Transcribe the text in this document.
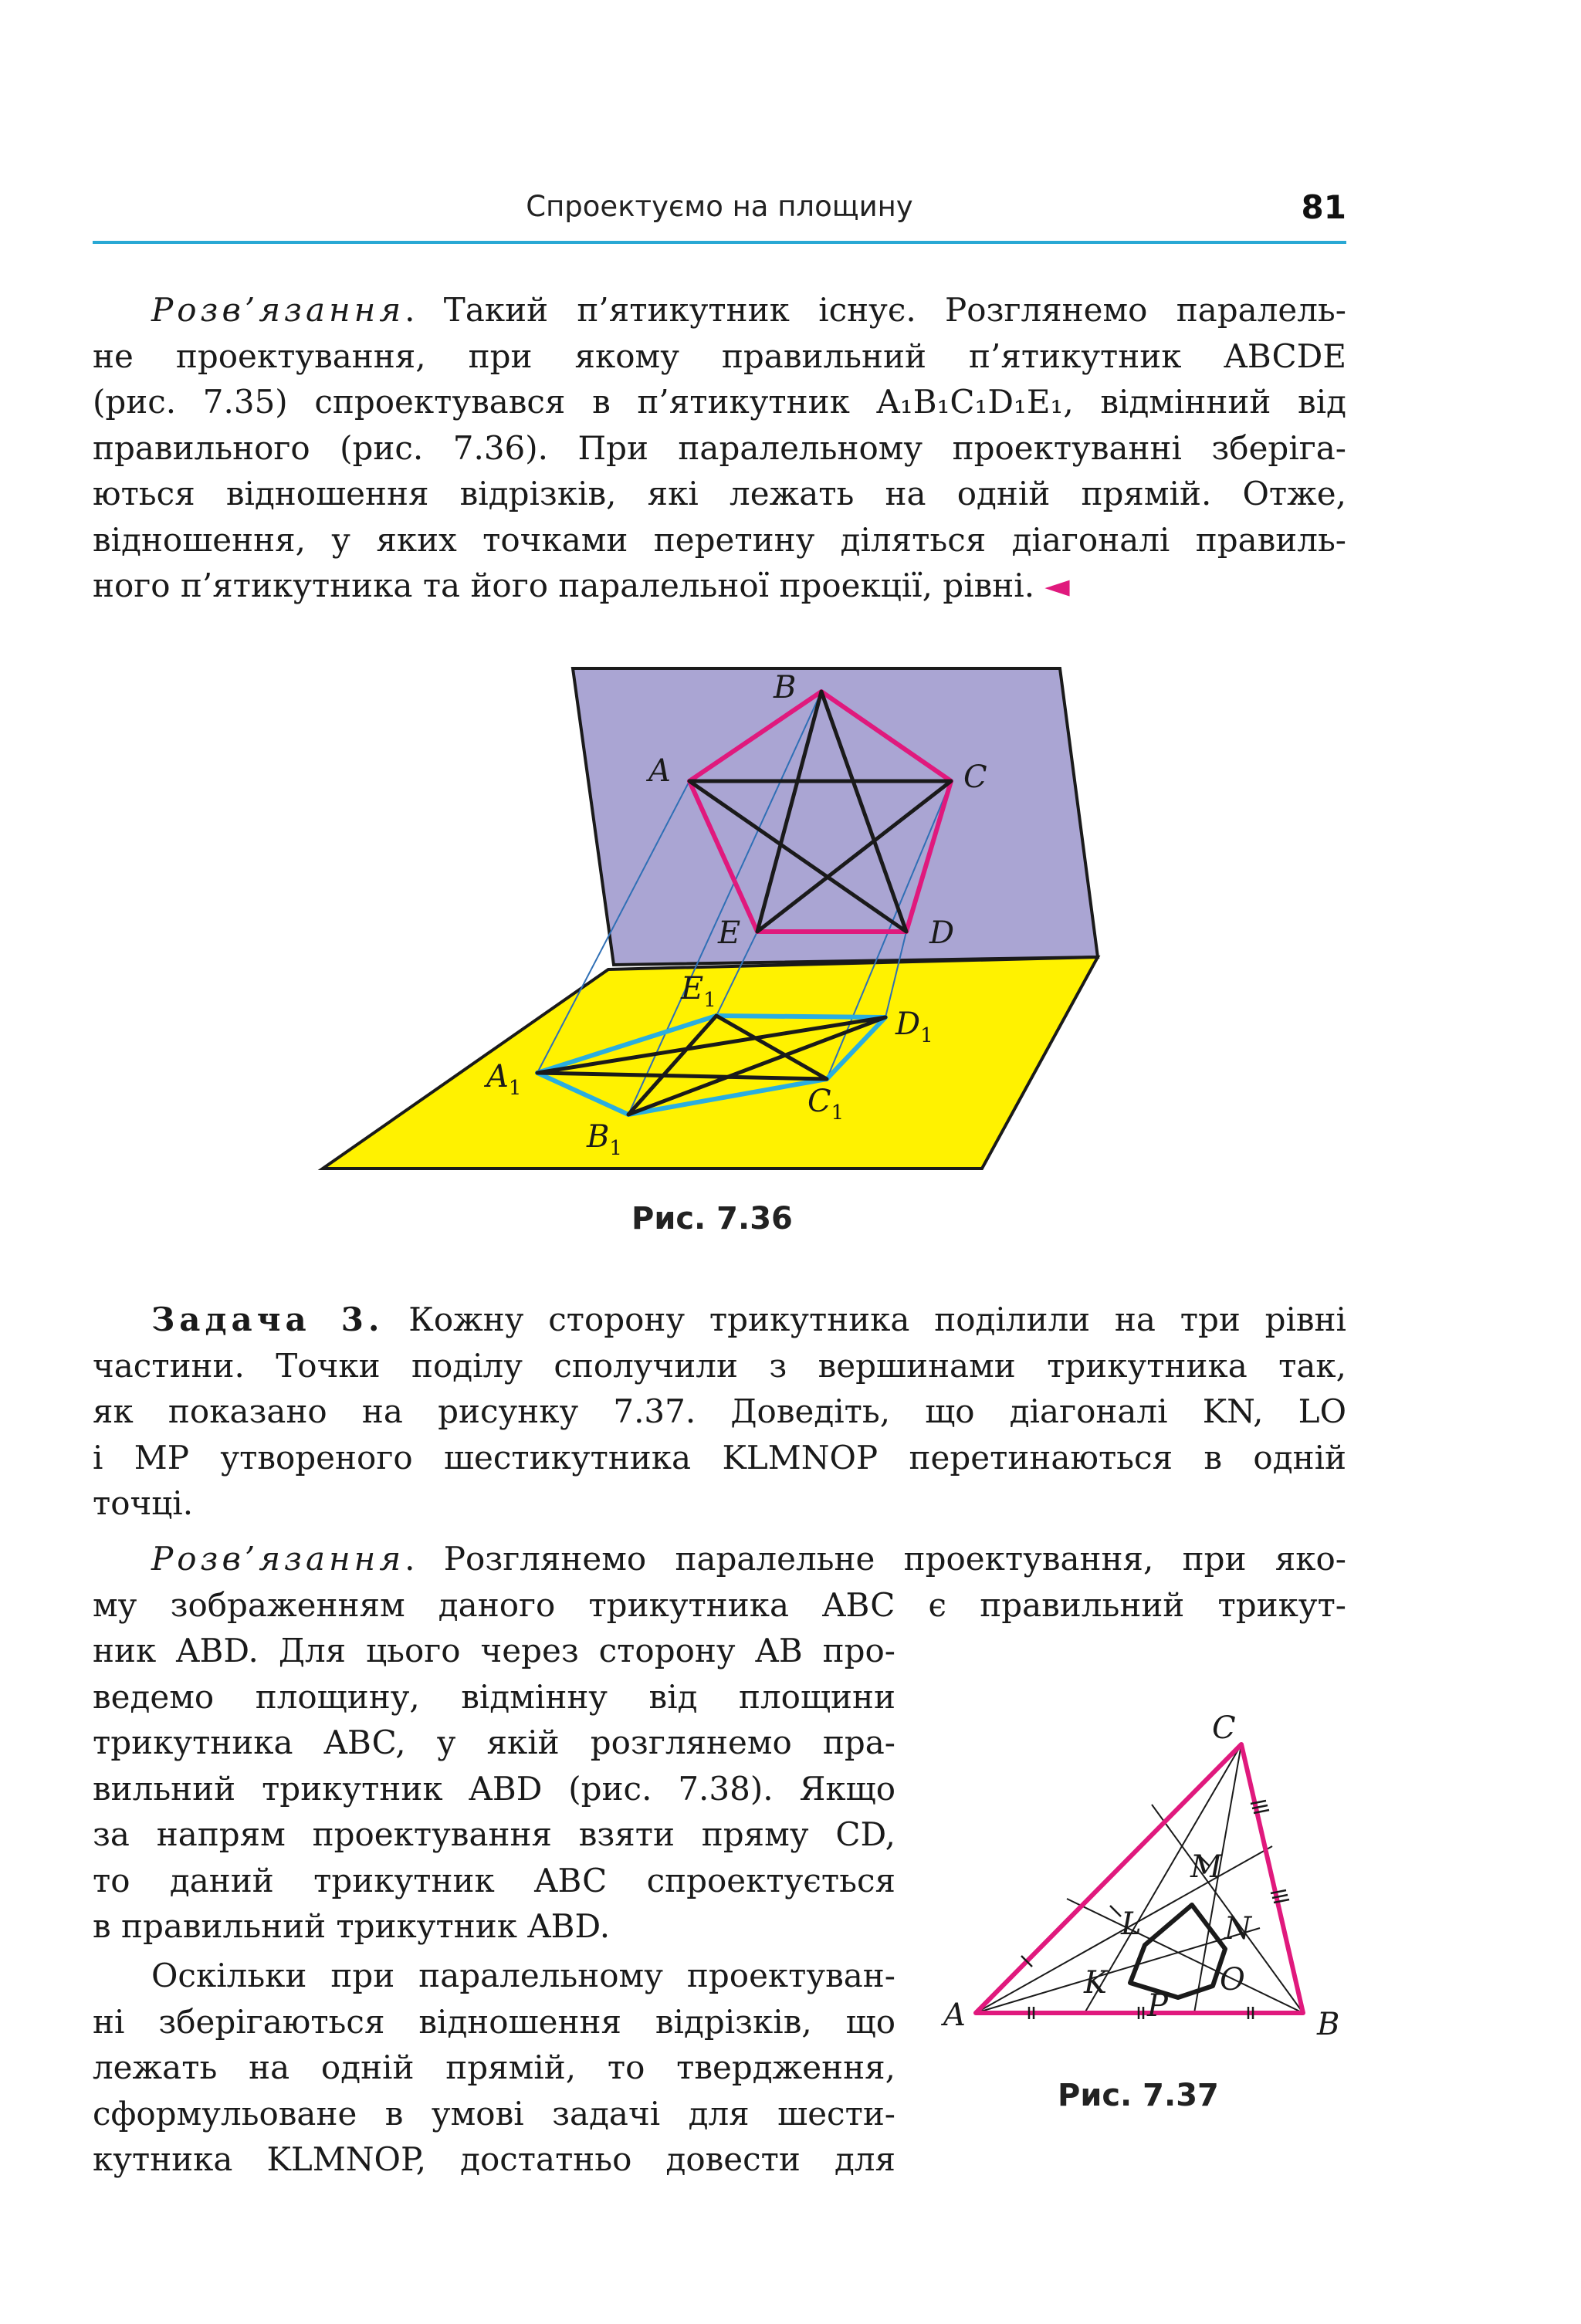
Спроектуємо на площину	81
Розв’язання. Такий п’ятикутник існує. Розглянемо паралель-
не проектування, при якому правильний п’ятикутник ABCDE
(рис. 7.35) спроектувався в п’ятикутник A₁B₁C₁D₁E₁, відмінний від
правильного (рис. 7.36). При паралельному проектуванні зберіга-
ються відношення відрізків, які лежать на одній прямій. Отже,
відношення, у яких точками перетину діляться діагоналі правиль-
ного п’ятикутника та його паралельної проекції, рівні. ◄
B
A	C
D
E
$E_1$
$D_1$
$A_1$	$C_1$
$B_1$
Рис. 7.36
Задача 3. Кожну сторону трикутника поділили на три рівні
частини. Точки поділу сполучили з вершинами трикутника так,
як показано на рисунку 7.37. Доведіть, що діагоналі KN, LO
і MP утвореного шестикутника KLMNOP перетинаються в одній
точці.
Розв’язання. Розглянемо паралельне проектування, при яко-
му зображенням даного трикутника ABC є правильний трикут-
ник ABD. Для цього через сторону AB про-
ведемо площину, відмінну від площини
трикутника ABC, у якій розглянемо пра-
вильний трикутник ABD (рис. 7.38). Якщо
за напрям проектування взяти пряму CD,
то даний трикутник ABC спроектується
в правильний трикутник ABD.
Оскільки при паралельному проектуван-
ні зберігаються відношення відрізків, що
лежать на одній прямій, то твердження,
сформульоване в умові задачі для шести-
кутника KLMNOP, достатньо довести для
C
A	B
M
L	N
K	O
P
Рис. 7.37
